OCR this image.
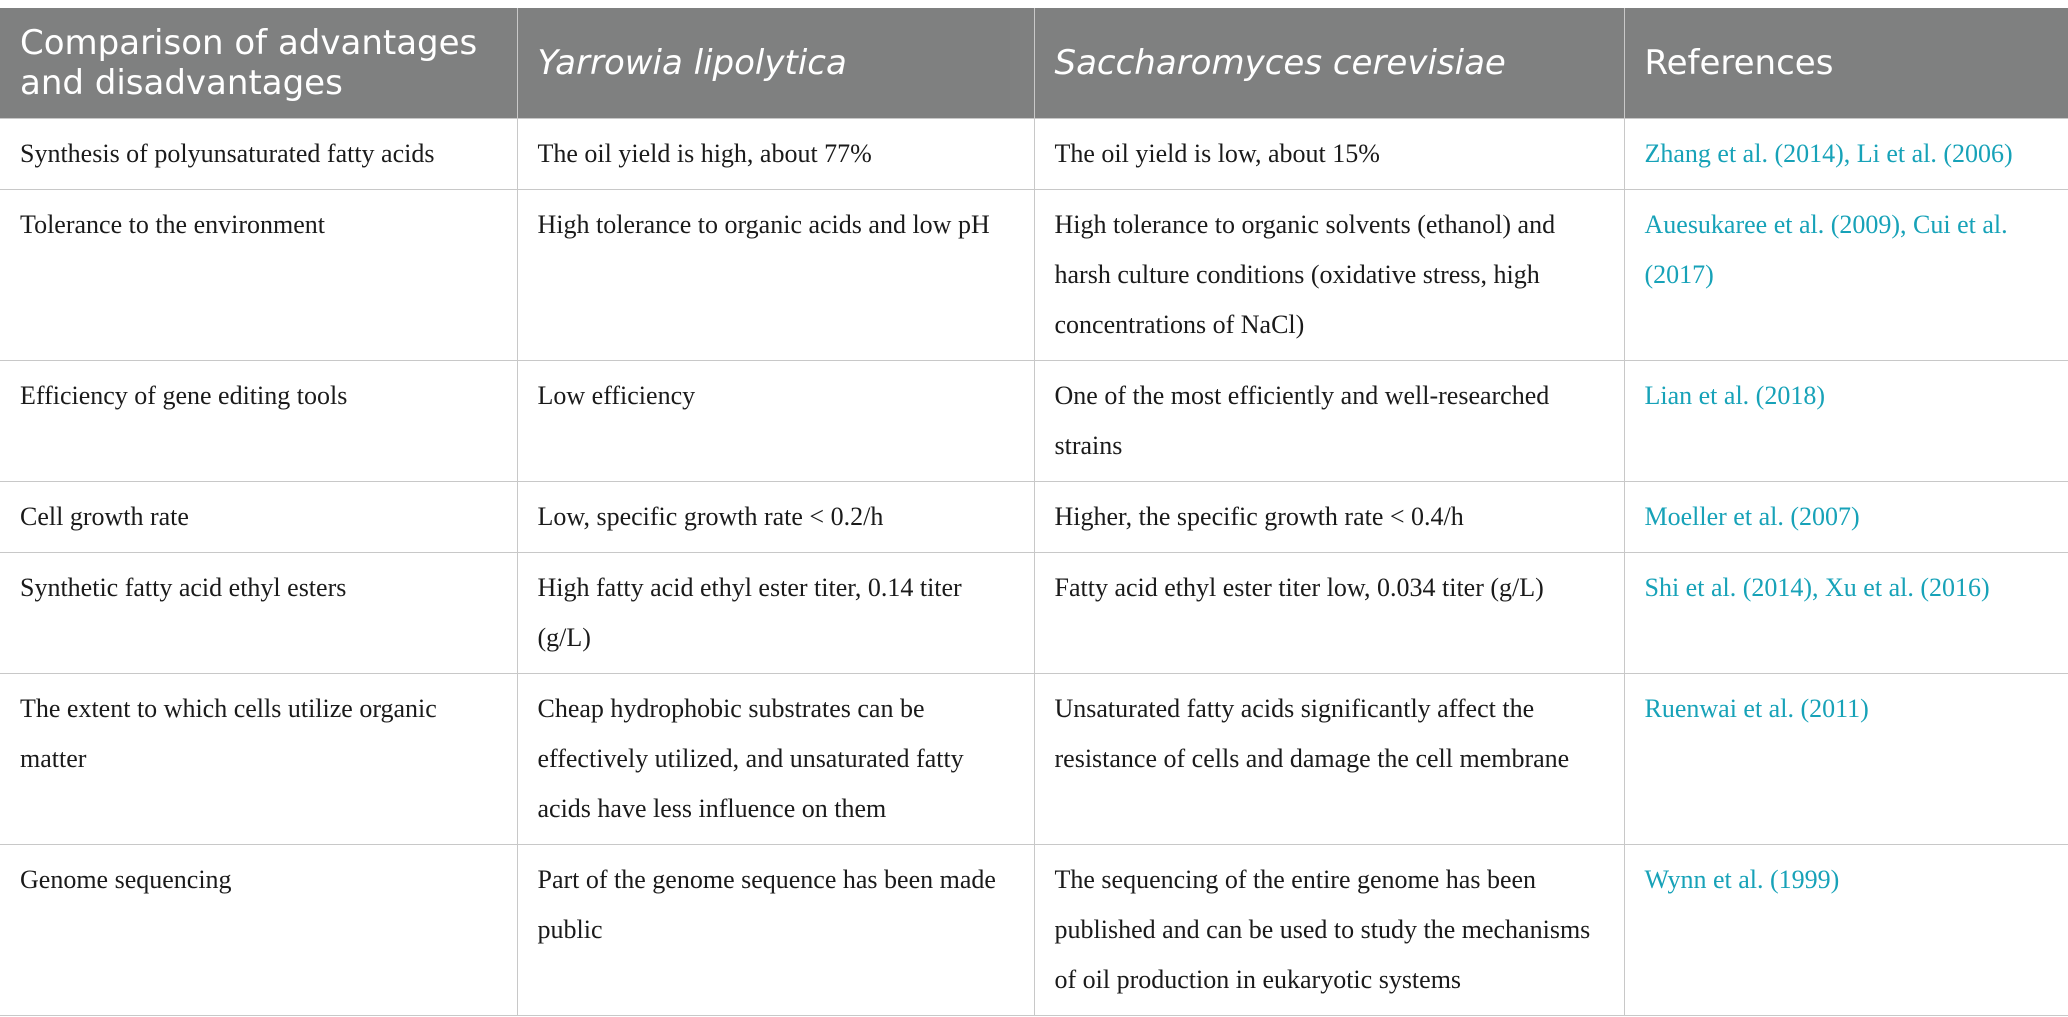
Comparison of advantages and disadvantages	Yarrowia lipolytica	Saccharomyces cerevisiae	References
Synthesis of polyunsaturated fatty acids	The oil yield is high, about 77%	The oil yield is low, about 15%	Zhang et al. (2014), Li et al. (2006)
Tolerance to the environment	High tolerance to organic acids and low pH	High tolerance to organic solvents (ethanol) and harsh culture conditions (oxidative stress, high concentrations of NaCl)	Auesukaree et al. (2009), Cui et al. (2017)
Efficiency of gene editing tools	Low efficiency	One of the most efficiently and well-researched strains	Lian et al. (2018)
Cell growth rate	Low, specific growth rate < 0.2/h	Higher, the specific growth rate < 0.4/h	Moeller et al. (2007)
Synthetic fatty acid ethyl esters	High fatty acid ethyl ester titer, 0.14 titer (g/L)	Fatty acid ethyl ester titer low, 0.034 titer (g/L)	Shi et al. (2014), Xu et al. (2016)
The extent to which cells utilize organic matter	Cheap hydrophobic substrates can be effectively utilized, and unsaturated fatty acids have less influence on them	Unsaturated fatty acids significantly affect the resistance of cells and damage the cell membrane	Ruenwai et al. (2011)
Genome sequencing	Part of the genome sequence has been made public	The sequencing of the entire genome has been published and can be used to study the mechanisms of oil production in eukaryotic systems	Wynn et al. (1999)
